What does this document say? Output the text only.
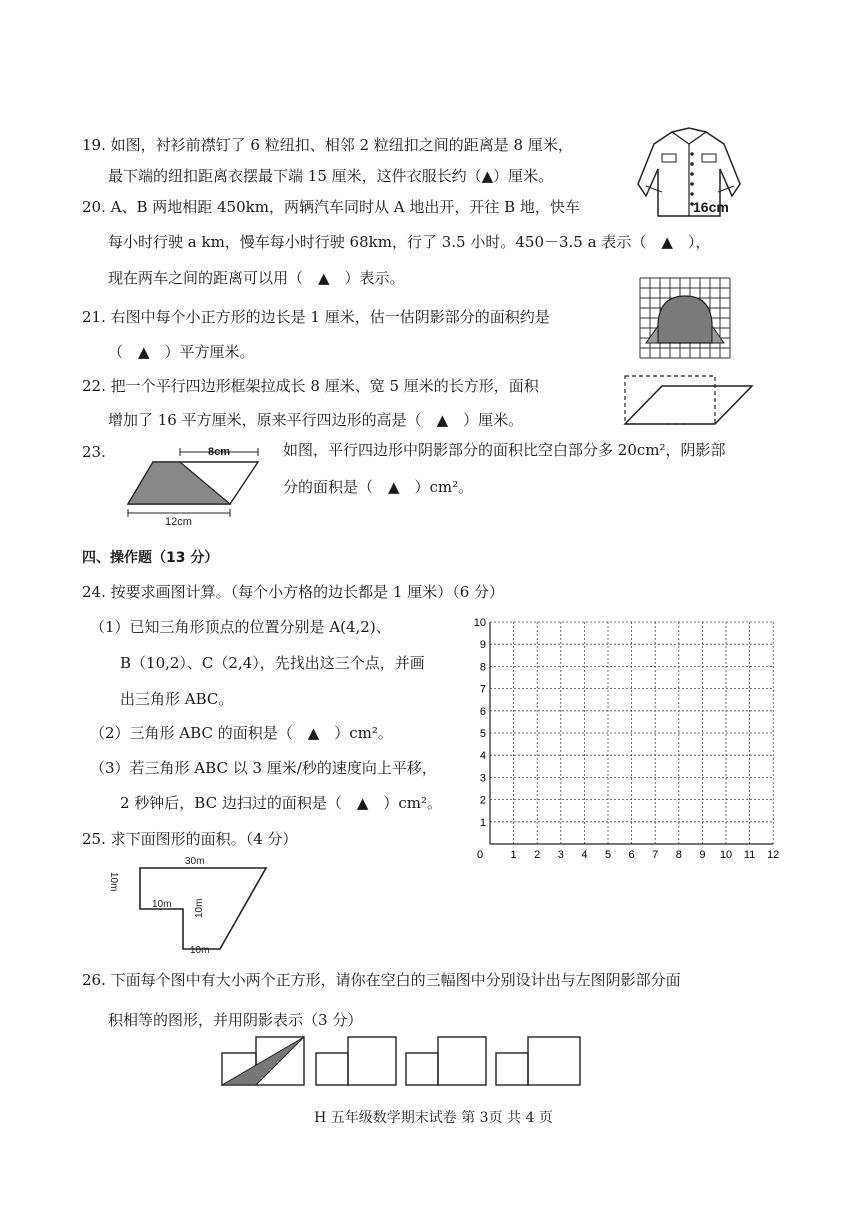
19. 如图，衬衫前襟钉了 6 粒纽扣、相邻 2 粒纽扣之间的距离是 8 厘米，
最下端的纽扣距离衣摆最下端 15 厘米，这件衣服长约（▲）厘米。
16cm
20. A、B 两地相距 450km，两辆汽车同时从 A 地出开，开往 B 地，快车
每小时行驶 a km，慢车每小时行驶 68km，行了 3.5 小时。450－3.5 a 表示（　▲　），
现在两车之间的距离可以用（　▲　）表示。
21. 右图中每个小正方形的边长是 1 厘米，估一估阴影部分的面积约是
（　▲　）平方厘米。
22. 把一个平行四边形框架拉成长 8 厘米、宽 5 厘米的长方形，面积
增加了 16 平方厘米，原来平行四边形的高是（　▲　）厘米。
23.	如图，平行四边形中阴影部分的面积比空白部分多 20cm²，阴影部
分的面积是（　▲　）cm²。
8cm
12cm
四、操作题（13 分）
24. 按要求画图计算。（每个小方格的边长都是 1 厘米）（6 分）
（1）已知三角形顶点的位置分别是 A(4,2)、
B（10,2）、C（2,4），先找出这三个点，并画
出三角形 ABC。
（2）三角形 ABC 的面积是（　▲　）cm²。
（3）若三角形 ABC 以 3 厘米/秒的速度向上平移，
2 秒钟后，BC 边扫过的面积是（　▲　）cm²。
0 1 2 3 4 5 6 7 8 9 10 11 12
1
2
3
4
5
6
7
8
9
10
25. 求下面图形的面积。（4 分）
30m
10m
10m	10m
10m
26. 下面每个图中有大小两个正方形，请你在空白的三幅图中分别设计出与左图阴影部分面
积相等的图形，并用阴影表示（3 分）
H 五年级数学期末试卷 第 3页 共 4 页
